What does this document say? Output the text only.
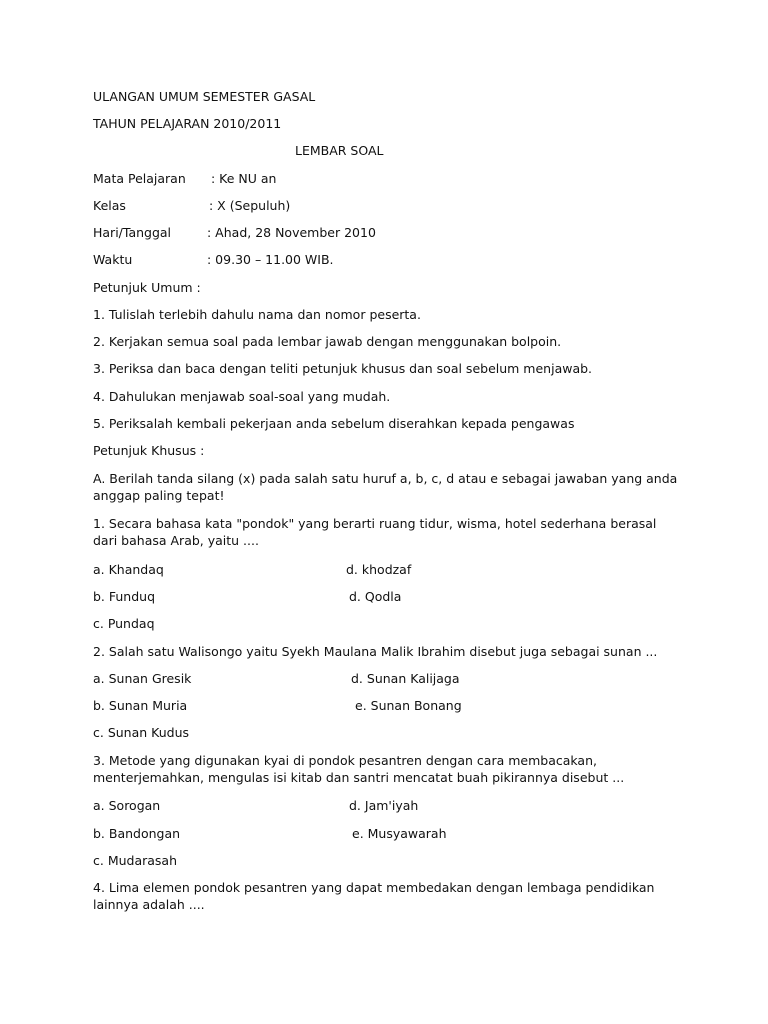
ULANGAN UMUM SEMESTER GASAL
TAHUN PELAJARAN 2010/2011
LEMBAR SOAL
Mata Pelajaran : Ke NU an
Kelas	: X (Sepuluh)
Hari/Tanggal	: Ahad, 28 November 2010
Waktu	: 09.30 – 11.00 WIB.
Petunjuk Umum :
1. Tulislah terlebih dahulu nama dan nomor peserta.
2. Kerjakan semua soal pada lembar jawab dengan menggunakan bolpoin.
3. Periksa dan baca dengan teliti petunjuk khusus dan soal sebelum menjawab.
4. Dahulukan menjawab soal-soal yang mudah.
5. Periksalah kembali pekerjaan anda sebelum diserahkan kepada pengawas
Petunjuk Khusus :
A. Berilah tanda silang (x) pada salah satu huruf a, b, c, d atau e sebagai jawaban yang anda anggap paling tepat!
1. Secara bahasa kata "pondok" yang berarti ruang tidur, wisma, hotel sederhana berasal dari bahasa Arab, yaitu ....
a. Khandaq	d. khodzaf
b. Funduq	d. Qodla
c. Pundaq
2. Salah satu Walisongo yaitu Syekh Maulana Malik Ibrahim disebut juga sebagai sunan ...
a. Sunan Gresik	d. Sunan Kalijaga
b. Sunan Muria	e. Sunan Bonang
c. Sunan Kudus
3. Metode yang digunakan kyai di pondok pesantren dengan cara membacakan, menterjemahkan, mengulas isi kitab dan santri mencatat buah pikirannya disebut ...
a. Sorogan	d. Jam'iyah
b. Bandongan	e. Musyawarah
c. Mudarasah
4. Lima elemen pondok pesantren yang dapat membedakan dengan lembaga pendidikan lainnya adalah ....
